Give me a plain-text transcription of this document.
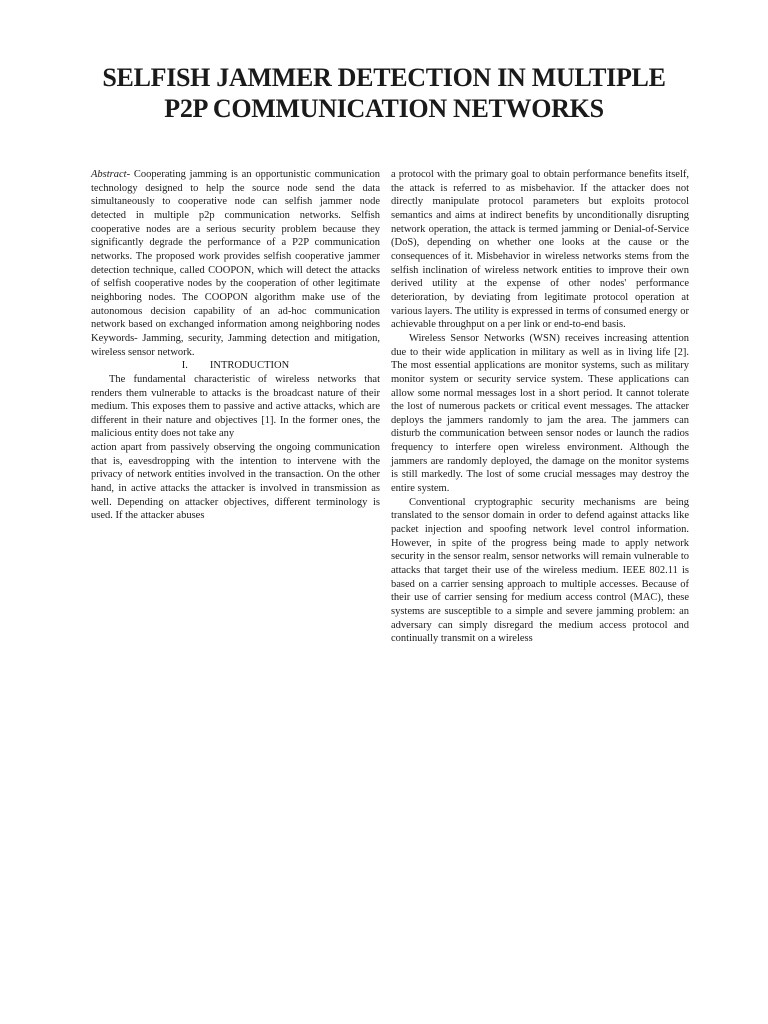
SELFISH JAMMER DETECTION IN MULTIPLE P2P COMMUNICATION NETWORKS

Abstract- Cooperating jamming is an opportunistic communication technology designed to help the source node send the data simultaneously to cooperative node can selfish jammer node detected in multiple p2p communication networks. Selfish cooperative nodes are a serious security problem because they significantly degrade the performance of a P2P communication networks. The proposed work provides selfish cooperative jammer detection technique, called COOPON, which will detect the attacks of selfish cooperative nodes by the cooperation of other legitimate neighboring nodes. The COOPON algorithm make use of the autonomous decision capability of an ad-hoc communication network based on exchanged information among neighboring nodes Keywords- Jamming, security, Jamming detection and mitigation, wireless sensor network.

I. INTRODUCTION

The fundamental characteristic of wireless networks that renders them vulnerable to attacks is the broadcast nature of their medium. This exposes them to passive and active attacks, which are different in their nature and objectives [1]. In the former ones, the malicious entity does not take any

action apart from passively observing the ongoing communication that is, eavesdropping with the intention to intervene with the privacy of network entities involved in the transaction. On the other hand, in active attacks the attacker is involved in transmission as well. Depending on attacker objectives, different terminology is used. If the attacker abuses

a protocol with the primary goal to obtain performance benefits itself, the attack is referred to as misbehavior. If the attacker does not directly manipulate protocol parameters but exploits protocol semantics and aims at indirect benefits by unconditionally disrupting network operation, the attack is termed jamming or Denial-of-Service (DoS), depending on whether one looks at the cause or the consequences of it. Misbehavior in wireless networks stems from the selfish inclination of wireless network entities to improve their own derived utility at the expense of other nodes' performance deterioration, by deviating from legitimate protocol operation at various layers. The utility is expressed in terms of consumed energy or achievable throughput on a per link or end-to-end basis.

Wireless Sensor Networks (WSN) receives increasing attention due to their wide application in military as well as in living life [2]. The most essential applications are monitor systems, such as military monitor system or security service system. These applications can allow some normal messages lost in a short period. It cannot tolerate the lost of numerous packets or critical event messages. The attacker deploys the jammers randomly to jam the area. The jammers can disturb the communication between sensor nodes or launch the radios frequency to interfere open wireless environment. Although the jammers are randomly deployed, the damage on the monitor systems is still markedly. The lost of some crucial messages may destroy the entire system.

Conventional cryptographic security mechanisms are being translated to the sensor domain in order to defend against attacks like packet injection and spoofing network level control information. However, in spite of the progress being made to apply network security in the sensor realm, sensor networks will remain vulnerable to attacks that target their use of the wireless medium. IEEE 802.11 is based on a carrier sensing approach to multiple accesses. Because of their use of carrier sensing for medium access control (MAC), these systems are susceptible to a simple and severe jamming problem: an adversary can simply disregard the medium access protocol and continually transmit on a wireless
